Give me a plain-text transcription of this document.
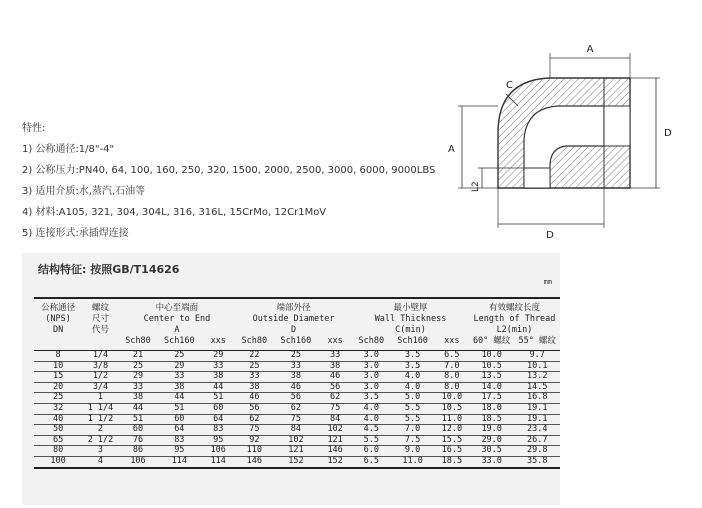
特性:
1) 公称通径:1/8"-4"
2) 公称压力:PN40, 64, 100, 160, 250, 320, 1500, 2000, 2500, 3000, 6000, 9000LBS
3) 适用介质:水,蒸汽,石油等
4) 材料:A105, 321, 304, 304L, 316, 316L, 15CrMo, 12Cr1MoV
5) 连接形式:承插焊连接
A
D
A
L2
D
C
结构特征: 按照GB/T14626
mm
公称通径	螺纹	中心至端面			端部外径			最小壁厚			有效螺纹长度	
(NPS)	尺寸	Center to End			Outside Diameter			Wall Thickness			Length of Thread	
DN	代号	A			D			C(min)			L2(min)	
		Sch80	Sch160	xxs	Sch80	Sch160	xxs	Sch80	Sch160	xxs	60° 螺纹	55° 螺纹
8	1/4	21	25	29	22	25	33	3.0	3.5	6.5	10.0	9.7
10	3/8	25	29	33	25	33	38	3.0	3.5	7.0	10.5	10.1
15	1/2	29	33	38	33	38	46	3.0	4.0	8.0	13.5	13.2
20	3/4	33	38	44	38	46	56	3.0	4.0	8.0	14.0	14.5
25	1	38	44	51	46	56	62	3.5	5.0	10.0	17.5	16.8
32	1 1/4	44	51	60	56	62	75	4.0	5.5	10.5	18.0	19.1
40	1 1/2	51	60	64	62	75	84	4.0	5.5	11.0	18.5	19.1
50	2	60	64	83	75	84	102	4.5	7.0	12.0	19.0	23.4
65	2 1/2	76	83	95	92	102	121	5.5	7.5	15.5	29.0	26.7
80	3	86	95	106	110	121	146	6.0	9.0	16.5	30.5	29.8
100	4	106	114	114	146	152	152	6.5	11.0	18.5	33.0	35.8
